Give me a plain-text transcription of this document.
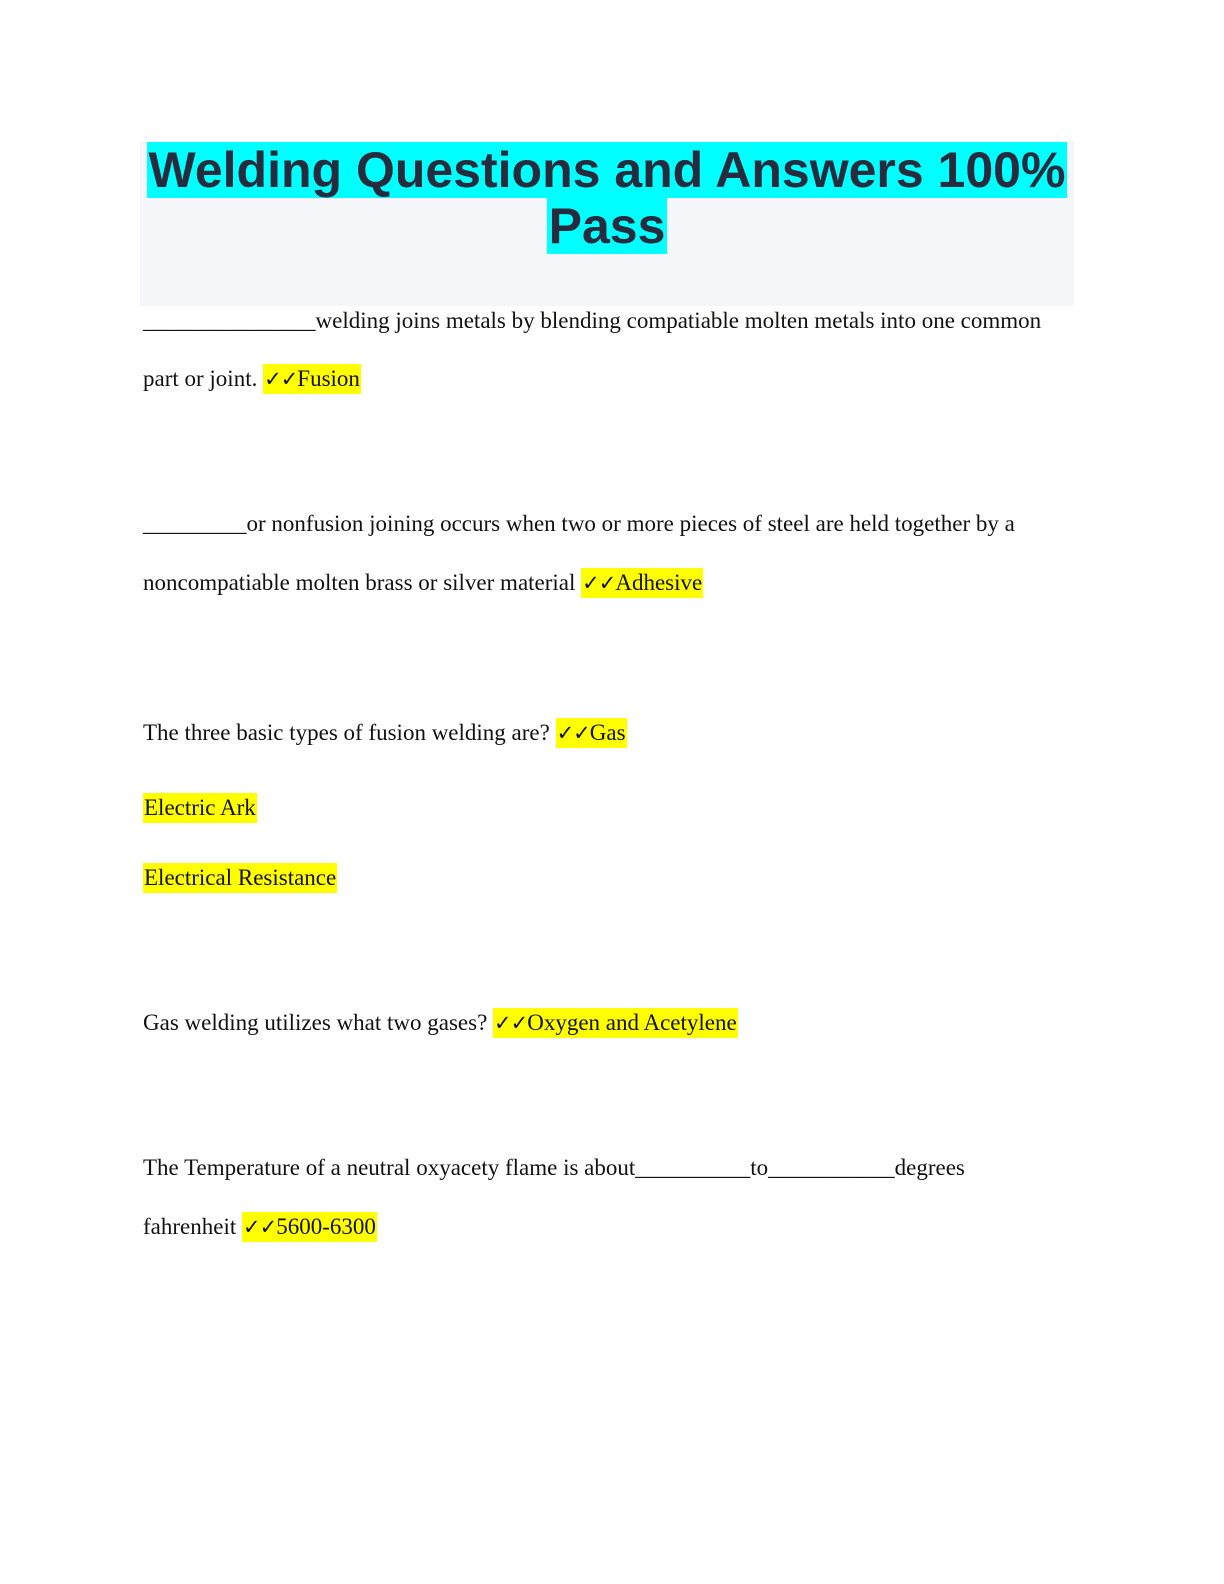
Welding Questions and Answers 100%
Pass
_______________welding joins metals by blending compatiable molten metals into one common
part or joint. ✓✓Fusion
_________or nonfusion joining occurs when two or more pieces of steel are held together by a
noncompatiable molten brass or silver material ✓✓Adhesive
The three basic types of fusion welding are? ✓✓Gas
Electric Ark
Electrical Resistance
Gas welding utilizes what two gases? ✓✓Oxygen and Acetylene
The Temperature of a neutral oxyacety flame is about__________to___________degrees
fahrenheit ✓✓5600-6300
